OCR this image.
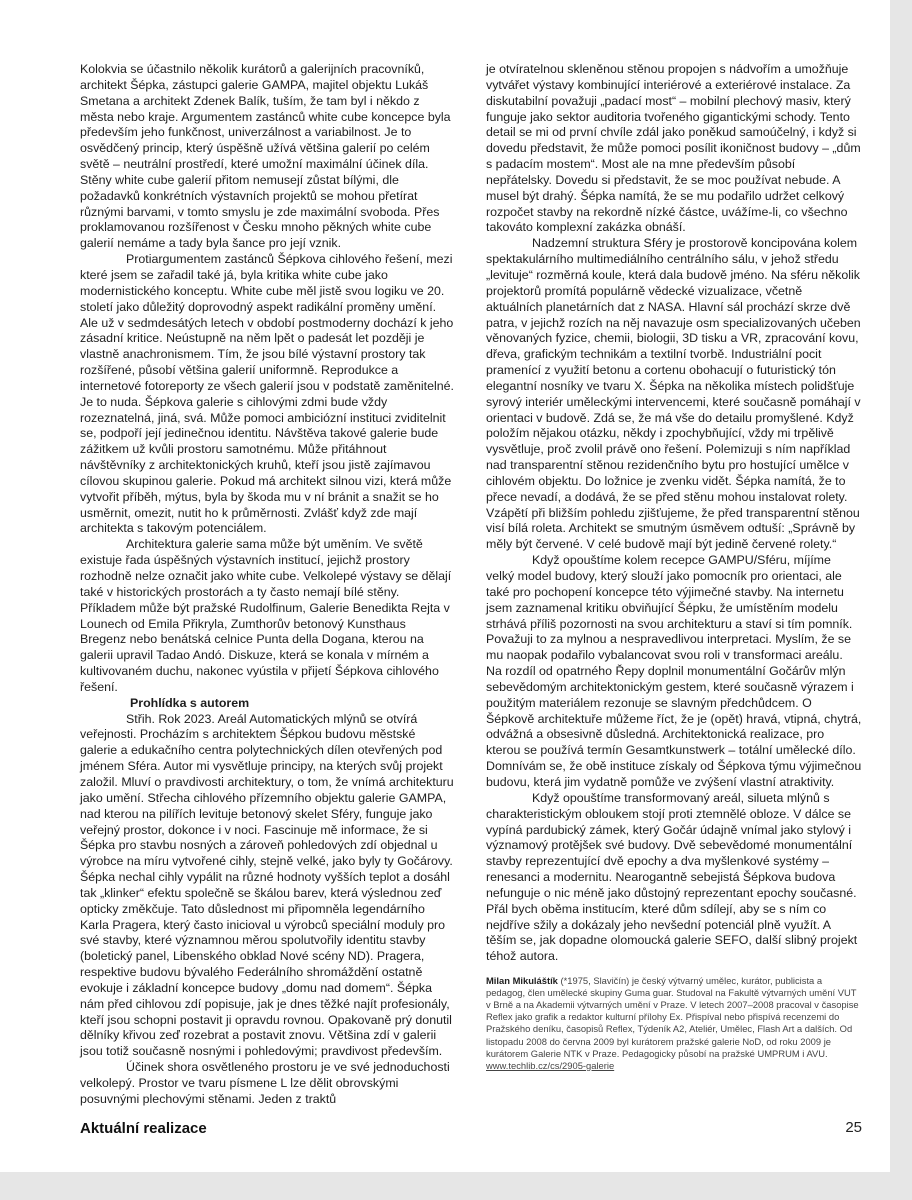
Kolokvia se účastnilo několik kurátorů a galerijních pracovníků, architekt Šépka, zástupci galerie GAMPA, majitel objektu Lukáš Smetana a architekt Zdenek Balík, tuším, že tam byl i někdo z města nebo kraje. Argumentem zastánců white cube koncepce byla především jeho funkčnost, univerzálnost a variabilnost. Je to osvědčený princip, který úspěšně užívá většina galerií po celém světě – neutrální prostředí, které umožní maximální účinek díla. Stěny white cube galerií přitom nemusejí zůstat bílými, dle požadavků konkrétních výstavních projektů se mohou přetírat různými barvami, v tomto smyslu je zde maximální svoboda. Přes proklamovanou rozšířenost v Česku mnoho pěkných white cube galerií nemáme a tady byla šance pro její vznik.

Protiargumentem zastánců Šépkova cihlového řešení, mezi které jsem se zařadil také já, byla kritika white cube jako modernistického konceptu. White cube měl jistě svou logiku ve 20. století jako důležitý doprovodný aspekt radikální proměny umění. Ale už v sedmdesátých letech v období postmoderny dochází k jeho zásadní kritice. Neústupně na něm lpět o padesát let později je vlastně anachronismem. Tím, že jsou bílé výstavní prostory tak rozšířené, působí většina galerií uniformně. Reprodukce a internetové fotoreporty ze všech galerií jsou v podstatě zaměnitelné. Je to nuda. Šépkova galerie s cihlovými zdmi bude vždy rozeznatelná, jiná, svá. Může pomoci ambiciózní instituci zviditelnit se, podpoří její jedinečnou identitu. Návštěva takové galerie bude zážitkem už kvůli prostoru samotnému. Může přitáhnout návštěvníky z architektonických kruhů, kteří jsou jistě zajímavou cílovou skupinou galerie. Pokud má architekt silnou vizi, která může vytvořit příběh, mýtus, byla by škoda mu v ní bránit a snažit se ho usměrnit, omezit, nutit ho k průměrnosti. Zvlášť když zde mají architekta s takovým potenciálem.

Architektura galerie sama může být uměním. Ve světě existuje řada úspěšných výstavních institucí, jejichž prostory rozhodně nelze označit jako white cube. Velkolepé výstavy se dělají také v historických prostorách a ty často nemají bílé stěny. Příkladem může být pražské Rudolfinum, Galerie Benedikta Rejta v Lounech od Emila Přikryla, Zumthorův betonový Kunsthaus Bregenz nebo benátská celnice Punta della Dogana, kterou na galerii upravil Tadao Andó. Diskuze, která se konala v mírném a kultivovaném duchu, nakonec vyústila v přijetí Šépkova cihlového řešení.

Prohlídka s autorem

Střih. Rok 2023. Areál Automatických mlýnů se otvírá veřejnosti. Procházím s architektem Šépkou budovu městské galerie a edukačního centra polytechnických dílen otevřených pod jménem Sféra. Autor mi vysvětluje principy, na kterých svůj projekt založil. Mluví o pravdivosti architektury, o tom, že vnímá architekturu jako umění. Střecha cihlového přízemního objektu galerie GAMPA, nad kterou na pilířích levituje betonový skelet Sféry, funguje jako veřejný prostor, dokonce i v noci. Fascinuje mě informace, že si Šépka pro stavbu nosných a zároveň pohledových zdí objednal u výrobce na míru vytvořené cihly, stejně velké, jako byly ty Gočárovy. Šépka nechal cihly vypálit na různé hodnoty vyšších teplot a dosáhl tak „klinker“ efektu společně se škálou barev, která výslednou zeď opticky změkčuje. Tato důslednost mi připomněla legendárního Karla Pragera, který často inicioval u výrobců speciální moduly pro své stavby, které významnou měrou spolutvořily identitu stavby (boletický panel, Libenského obklad Nové scény ND). Pragera, respektive budovu bývalého Federálního shromáždění ostatně evokuje i základní koncepce budovy „domu nad domem“. Šépka nám před cihlovou zdí popisuje, jak je dnes těžké najít profesionály, kteří jsou schopni postavit ji opravdu rovnou. Opakovaně prý donutil dělníky křivou zeď rozebrat a postavit znovu. Většina zdí v galerii jsou totiž současně nosnými i pohledovými; pravdivost především.

Účinek shora osvětleného prostoru je ve své jednoduchosti velkolepý. Prostor ve tvaru písmene L lze dělit obrovskými posuvnými plechovými stěnami. Jeden z traktů

je otvíratelnou skleněnou stěnou propojen s nádvořím a umožňuje vytvářet výstavy kombinující interiérové a exteriérové instalace. Za diskutabilní považuji „padací most“ – mobilní plechový masiv, který funguje jako sektor auditoria tvořeného gigantickými schody. Tento detail se mi od první chvíle zdál jako poněkud samoúčelný, i když si dovedu představit, že může pomoci posílit ikoničnost budovy – „dům s padacím mostem“. Most ale na mne především působí nepřátelsky. Dovedu si představit, že se moc používat nebude. A musel být drahý. Šépka namítá, že se mu podařilo udržet celkový rozpočet stavby na rekordně nízké částce, uvážíme-li, co všechno takováto komplexní zakázka obnáší.

Nadzemní struktura Sféry je prostorově koncipována kolem spektakulárního multimediálního centrálního sálu, v jehož středu „levituje“ rozměrná koule, která dala budově jméno. Na sféru několik projektorů promítá populárně vědecké vizualizace, včetně aktuálních planetárních dat z NASA. Hlavní sál prochází skrze dvě patra, v jejichž rozích na něj navazuje osm specializovaných učeben věnovaných fyzice, chemii, biologii, 3D tisku a VR, zpracování kovu, dřeva, grafickým technikám a textilní tvorbě. Industriální pocit pramenící z využití betonu a cortenu obohacují o futuristický tón elegantní nosníky ve tvaru X. Šépka na několika místech polidšťuje syrový interiér uměleckými intervencemi, které současně pomáhají v orientaci v budově. Zdá se, že má vše do detailu promyšlené. Když položím nějakou otázku, někdy i zpochybňující, vždy mi trpělivě vysvětluje, proč zvolil právě ono řešení. Polemizuji s ním například nad transparentní stěnou rezidenčního bytu pro hostující umělce v cihlovém objektu. Do ložnice je zvenku vidět. Šépka namítá, že to přece nevadí, a dodává, že se před stěnu mohou instalovat rolety. Vzápětí při bližším pohledu zjišťujeme, že před transparentní stěnou visí bílá roleta. Architekt se smutným úsměvem odtuší: „Správně by měly být červené. V celé budově mají být jedině červené rolety.“

Když opouštíme kolem recepce GAMPU/Sféru, míjíme velký model budovy, který slouží jako pomocník pro orientaci, ale také pro pochopení koncepce této výjimečné stavby. Na internetu jsem zaznamenal kritiku obviňující Šépku, že umístěním modelu strhává příliš pozornosti na svou architekturu a staví si tím pomník. Považuji to za mylnou a nespravedlivou interpretaci. Myslím, že se mu naopak podařilo vybalancovat svou roli v transformaci areálu. Na rozdíl od opatrného Řepy doplnil monumentální Gočárův mlýn sebevědomým architektonickým gestem, které současně výrazem i použitým materiálem rezonuje se slavným předchůdcem. O Šépkově architektuře můžeme říct, že je (opět) hravá, vtipná, chytrá, odvážná a obsesivně důsledná. Architektonická realizace, pro kterou se používá termín Gesamtkunstwerk – totální umělecké dílo. Domnívám se, že obě instituce získaly od Šépkova týmu výjimečnou budovu, která jim vydatně pomůže ve zvýšení vlastní atraktivity.

Když opouštíme transformovaný areál, silueta mlýnů s charakteristickým obloukem stojí proti ztemnělé obloze. V dálce se vypíná pardubický zámek, který Gočár údajně vnímal jako stylový i významový protějšek své budovy. Dvě sebevědomé monumentální stavby reprezentující dvě epochy a dva myšlenkové systémy – renesanci a modernitu. Nearogantně sebejistá Šépkova budova nefunguje o nic méně jako důstojný reprezentant epochy současné. Přál bych oběma institucím, které dům sdílejí, aby se s ním co nejdříve sžily a dokázaly jeho nevšední potenciál plně využít. A těším se, jak dopadne olomoucká galerie SEFO, další slibný projekt téhož autora.

Milan Mikuláštík (*1975, Slavičín) je český výtvarný umělec, kurátor, publicista a pedagog, člen umělecké skupiny Guma guar. Studoval na Fakultě výtvarných umění VUT v Brně a na Akademii výtvarných umění v Praze. V letech 2007–2008 pracoval v časopise Reflex jako grafik a redaktor kulturní přílohy Ex. Přispíval nebo přispívá recenzemi do Pražského deníku, časopisů Reflex, Týdeník A2, Ateliér, Umělec, Flash Art a dalších. Od listopadu 2008 do června 2009 byl kurátorem pražské galerie NoD, od roku 2009 je kurátorem Galerie NTK v Praze. Pedagogicky působí na pražské UMPRUM i AVU. www.techlib.cz/cs/2905-galerie
Aktuální realizace	25
